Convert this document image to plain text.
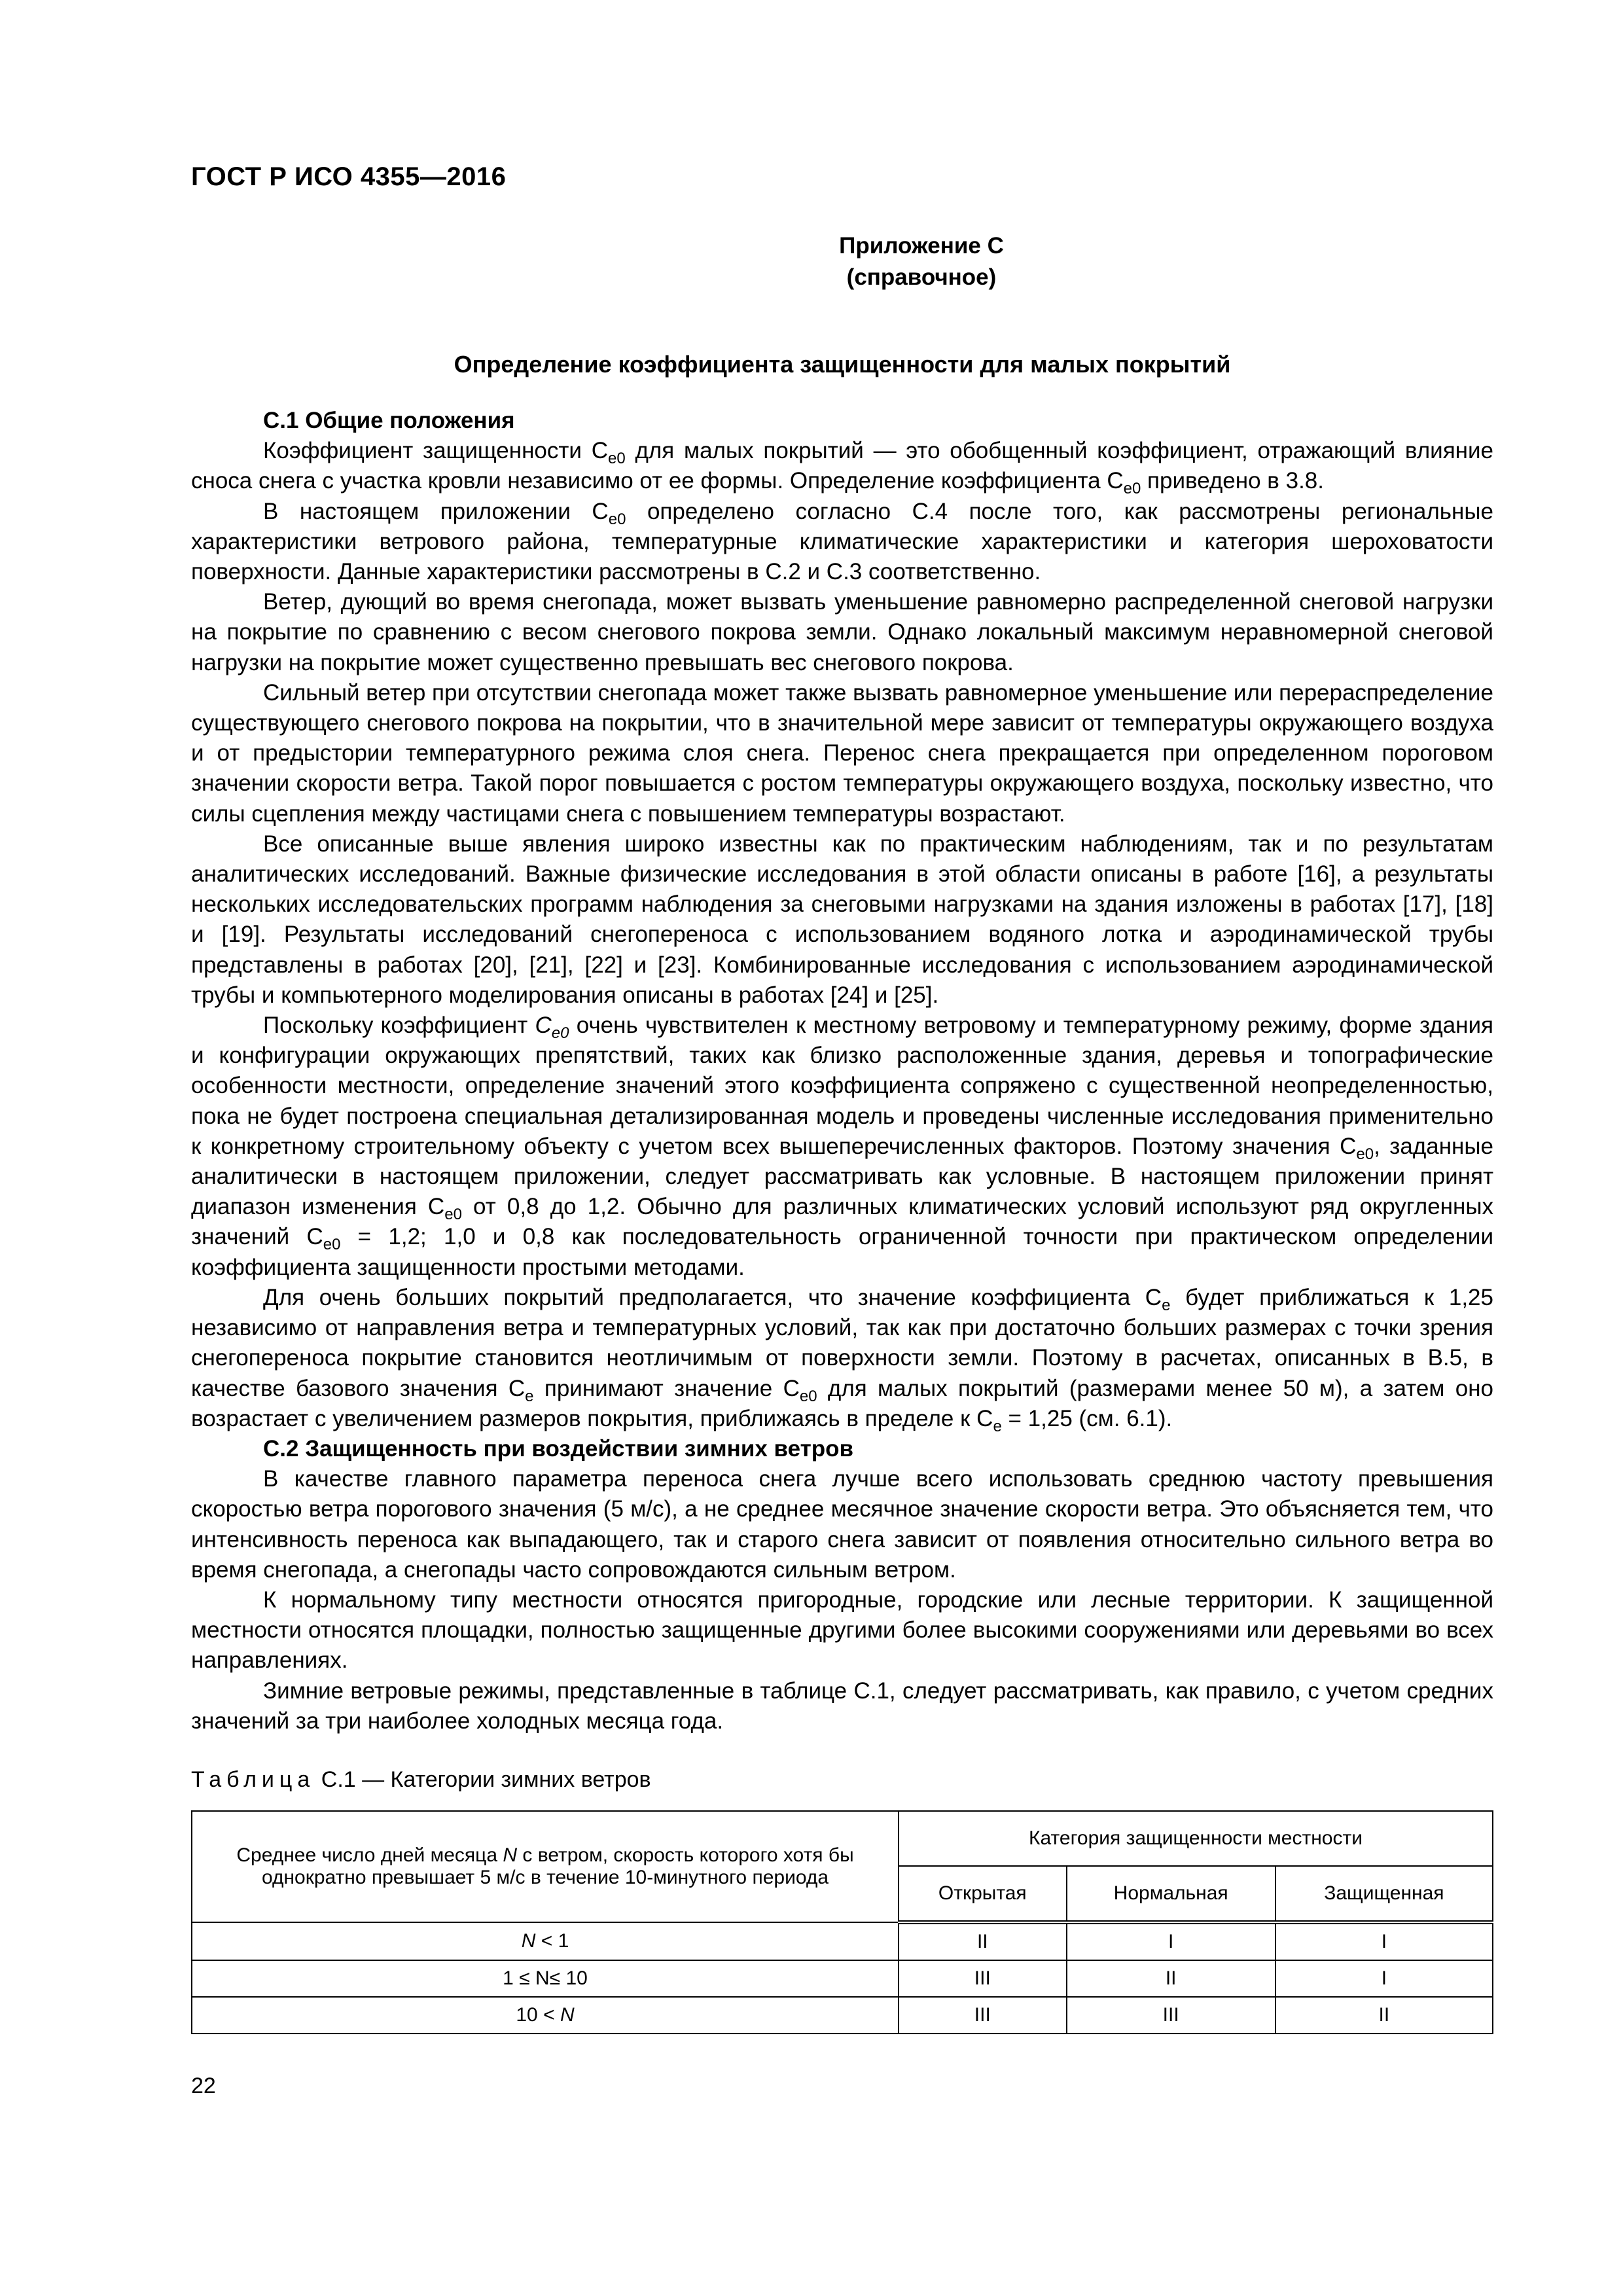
ГОСТ Р ИСО 4355—2016
Приложение С
(справочное)
Определение коэффициента защищенности для малых покрытий
С.1 Общие положения

Коэффициент защищенности $C_{e0}$ для малых покрытий — это обобщенный коэффициент, отражающий влияние сноса снега с участка кровли независимо от ее формы. Определение коэффициента $C_{e0}$ приведено в 3.8.

В настоящем приложении $C_{e0}$ определено согласно С.4 после того, как рассмотрены региональные характеристики ветрового района, температурные климатические характеристики и категория шероховатости поверхности. Данные характеристики рассмотрены в С.2 и С.3 соответственно.

Ветер, дующий во время снегопада, может вызвать уменьшение равномерно распределенной снеговой нагрузки на покрытие по сравнению с весом снегового покрова земли. Однако локальный максимум неравномерной снеговой нагрузки на покрытие может существенно превышать вес снегового покрова.

Сильный ветер при отсутствии снегопада может также вызвать равномерное уменьшение или перераспределение существующего снегового покрова на покрытии, что в значительной мере зависит от температуры окружающего воздуха и от предыстории температурного режима слоя снега. Перенос снега прекращается при определенном пороговом значении скорости ветра. Такой порог повышается с ростом температуры окружающего воздуха, поскольку известно, что силы сцепления между частицами снега с повышением температуры возрастают.

Все описанные выше явления широко известны как по практическим наблюдениям, так и по результатам аналитических исследований. Важные физические исследования в этой области описаны в работе [16], а результаты нескольких исследовательских программ наблюдения за снеговыми нагрузками на здания изложены в работах [17], [18] и [19]. Результаты исследований снегопереноса с использованием водяного лотка и аэродинамической трубы представлены в работах [20], [21], [22] и [23]. Комбинированные исследования с использованием аэродинамической трубы и компьютерного моделирования описаны в работах [24] и [25].

Поскольку коэффициент $C_{e0}$ очень чувствителен к местному ветровому и температурному режиму, форме здания и конфигурации окружающих препятствий, таких как близко расположенные здания, деревья и топографические особенности местности, определение значений этого коэффициента сопряжено с существенной неопределенностью, пока не будет построена специальная детализированная модель и проведены численные исследования применительно к конкретному строительному объекту с учетом всех вышеперечисленных факторов. Поэтому значения $C_{e0}$, заданные аналитически в настоящем приложении, следует рассматривать как условные. В настоящем приложении принят диапазон изменения $C_{e0}$ от 0,8 до 1,2. Обычно для различных климатических условий используют ряд округленных значений $C_{e0} = 1,2$; 1,0 и 0,8 как последовательность ограниченной точности при практическом определении коэффициента защищенности простыми методами.

Для очень больших покрытий предполагается, что значение коэффициента $C_e$ будет приближаться к 1,25 независимо от направления ветра и температурных условий, так как при достаточно больших размерах с точки зрения снегопереноса покрытие становится неотличимым от поверхности земли. Поэтому в расчетах, описанных в В.5, в качестве базового значения $C_e$ принимают значение $C_{e0}$ для малых покрытий (размерами менее 50 м), а затем оно возрастает с увеличением размеров покрытия, приближаясь в пределе к $C_e = 1,25$ (см. 6.1).

С.2 Защищенность при воздействии зимних ветров

В качестве главного параметра переноса снега лучше всего использовать среднюю частоту превышения скоростью ветра порогового значения (5 м/с), а не среднее месячное значение скорости ветра. Это объясняется тем, что интенсивность переноса как выпадающего, так и старого снега зависит от появления относительно сильного ветра во время снегопада, а снегопады часто сопровождаются сильным ветром.

К нормальному типу местности относятся пригородные, городские или лесные территории. К защищенной местности относятся площадки, полностью защищенные другими более высокими сооружениями или деревьями во всех направлениях.

Зимние ветровые режимы, представленные в таблице С.1, следует рассматривать, как правило, с учетом средних значений за три наиболее холодных месяца года.

Таблица С.1 — Категории зимних ветров
Среднее число дней месяца N с ветром, скорость которого хотя бы однократно превышает 5 м/с в течение 10-минутного периода	Категория защищенности местности		
	Открытая	Нормальная	Защищенная
N < 1	II	I	I
1 ≤ N≤ 10	III	II	I
10 < N	III	III	II
22
